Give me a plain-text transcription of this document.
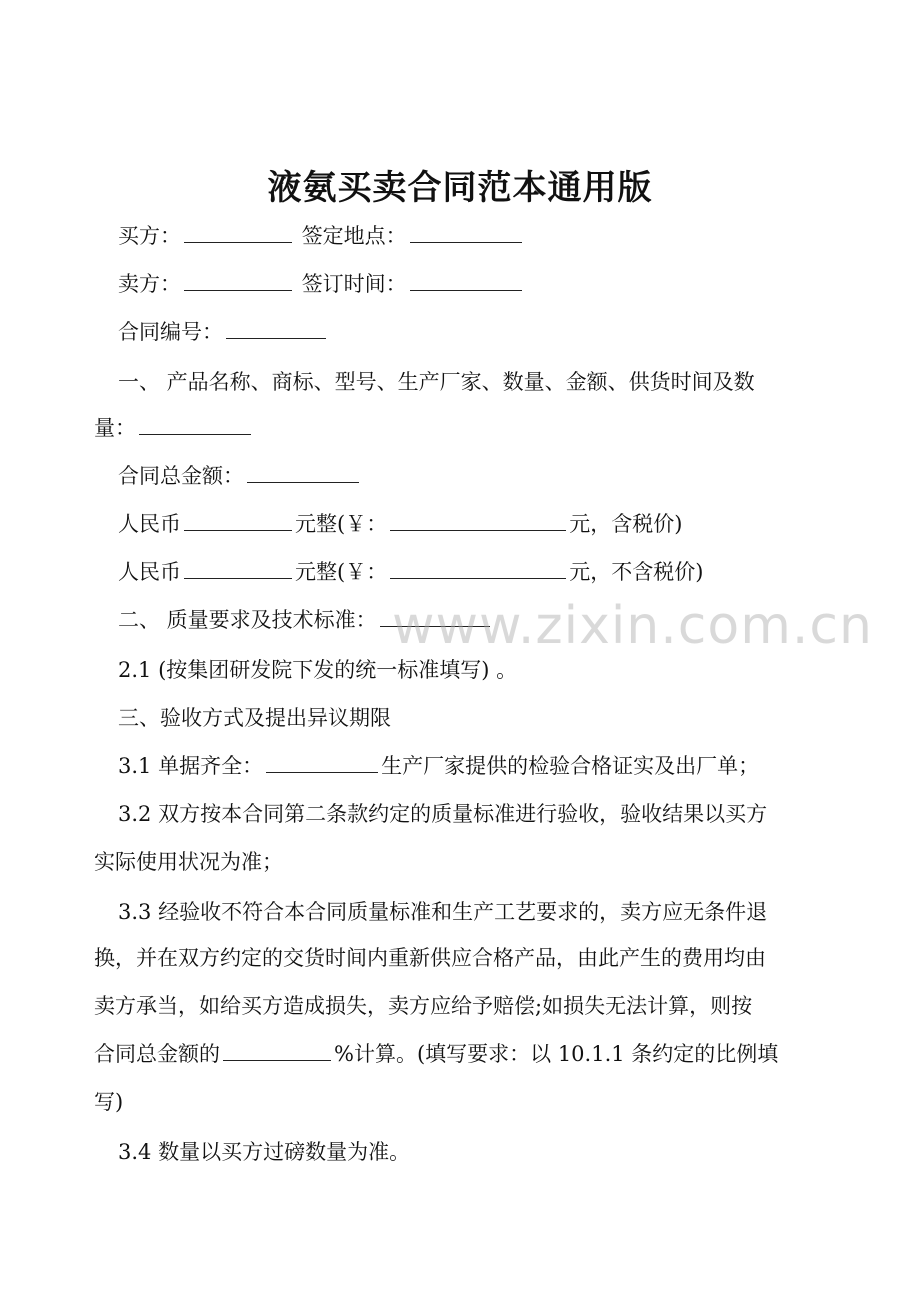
液氨买卖合同范本通用版
买方：	签定地点：
卖方：	签订时间：
合同编号：
一、 产品名称、商标、型号、生产厂家、数量、金额、供货时间及数
量：
合同总金额：
人民币	元整(￥：	元，含税价)
人民币	元整(￥：	元，不含税价)
二、 质量要求及技术标准：
2.1 (按集团研发院下发的统一标准填写) 。
三、验收方式及提出异议期限
3.1 单据齐全：	生产厂家提供的检验合格证实及出厂单；
3.2 双方按本合同第二条款约定的质量标准进行验收，验收结果以买方
实际使用状况为准；
3.3 经验收不符合本合同质量标准和生产工艺要求的，卖方应无条件退
换，并在双方约定的交货时间内重新供应合格产品，由此产生的费用均由
卖方承当，如给买方造成损失，卖方应给予赔偿;如损失无法计算，则按
合同总金额的	%计算。(填写要求：以 10.1.1 条约定的比例填
写)
3.4 数量以买方过磅数量为准。
www.zixin.com.cn
